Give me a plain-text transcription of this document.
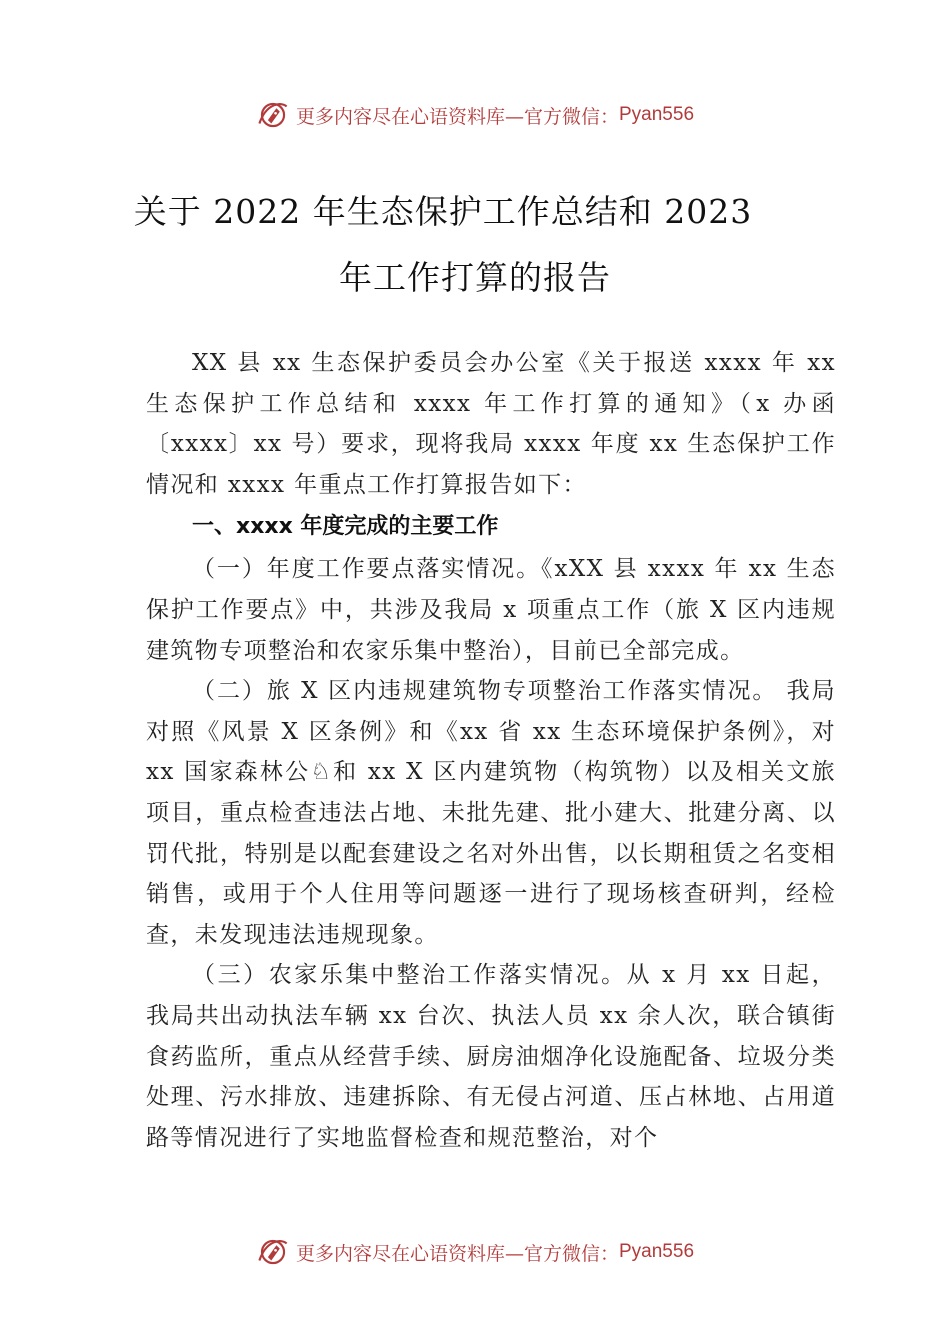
更多内容尽在心语资料库—官方微信： Pyan556
关于 2022 年生态保护工作总结和 2023
年工作打算的报告

XX 县 xx 生态保护委员会办公室《关于报送 xxxx 年 xx 生态保护工作总结和 xxxx 年工作打算的通知》（x 办函〔xxxx〕xx 号）要求，现将我局 xxxx 年度 xx 生态保护工作情况和 xxxx 年重点工作打算报告如下：

一、xxxx 年度完成的主要工作

（一）年度工作要点落实情况。《xXX 县 xxxx 年 xx 生态保护工作要点》中，共涉及我局 x 项重点工作（旅 X 区内违规建筑物专项整治和农家乐集中整治），目前已全部完成。

（二）旅 X 区内违规建筑物专项整治工作落实情况。 我局对照《风景 X 区条例》和《xx 省 xx 生态环境保护条例》，对 xx 国家森林公♘和 xx X 区内建筑物（构筑物）以及相关文旅项目，重点检查违法占地、未批先建、批小建大、批建分离、以罚代批，特别是以配套建设之名对外出售，以长期租赁之名变相销售，或用于个人住用等问题逐一进行了现场核查研判，经检查，未发现违法违规现象。

（三）农家乐集中整治工作落实情况。从 x 月 xx 日起， 我局共出动执法车辆 xx 台次、执法人员 xx 余人次，联合镇街食药监所，重点从经营手续、厨房油烟净化设施配备、垃圾分类处理、污水排放、违建拆除、有无侵占河道、压占林地、占用道路等情况进行了实地监督检查和规范整治，对个

更多内容尽在心语资料库—官方微信： Pyan556
